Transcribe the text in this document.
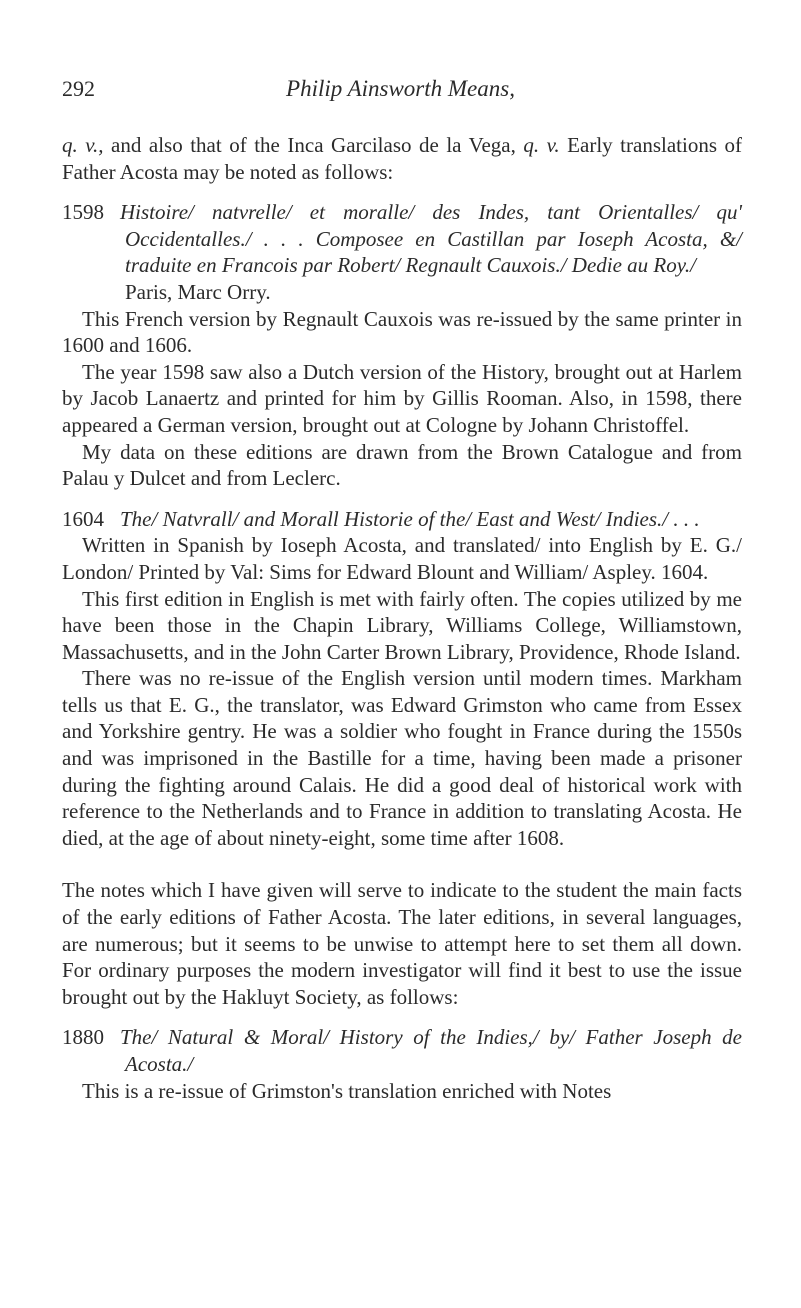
292	Philip Ainsworth Means,

q. v., and also that of the Inca Garcilaso de la Vega, q. v. Early translations of Father Acosta may be noted as follows:

1598 Histoire/ natvrelle/ et moralle/ des Indes, tant Orientalles/ qu' Occidentalles./ . . . Composee en Castillan par Ioseph Acosta, &/ traduite en Francois par Robert/ Regnault Cauxois./ Dedie au Roy./

Paris, Marc Orry.

This French version by Regnault Cauxois was re-issued by the same printer in 1600 and 1606.

The year 1598 saw also a Dutch version of the History, brought out at Harlem by Jacob Lanaertz and printed for him by Gillis Rooman. Also, in 1598, there appeared a German version, brought out at Cologne by Johann Christoffel.

My data on these editions are drawn from the Brown Catalogue and from Palau y Dulcet and from Leclerc.

1604 The/ Natvrall/ and Morall Historie of the/ East and West/ Indies./ . . .

Written in Spanish by Ioseph Acosta, and translated/ into English by E. G./ London/ Printed by Val: Sims for Edward Blount and William/ Aspley. 1604.

This first edition in English is met with fairly often. The copies utilized by me have been those in the Chapin Library, Williams College, Williamstown, Massachusetts, and in the John Carter Brown Library, Providence, Rhode Island.

There was no re-issue of the English version until modern times. Markham tells us that E. G., the translator, was Edward Grimston who came from Essex and Yorkshire gentry. He was a soldier who fought in France during the 1550s and was imprisoned in the Bastille for a time, having been made a prisoner during the fighting around Calais. He did a good deal of historical work with reference to the Netherlands and to France in addition to translating Acosta. He died, at the age of about ninety-eight, some time after 1608.

The notes which I have given will serve to indicate to the student the main facts of the early editions of Father Acosta. The later editions, in several languages, are numerous; but it seems to be unwise to attempt here to set them all down. For ordinary purposes the modern investigator will find it best to use the issue brought out by the Hakluyt Society, as follows:

1880 The/ Natural & Moral/ History of the Indies,/ by/ Father Joseph de Acosta./

This is a re-issue of Grimston's translation enriched with Notes
